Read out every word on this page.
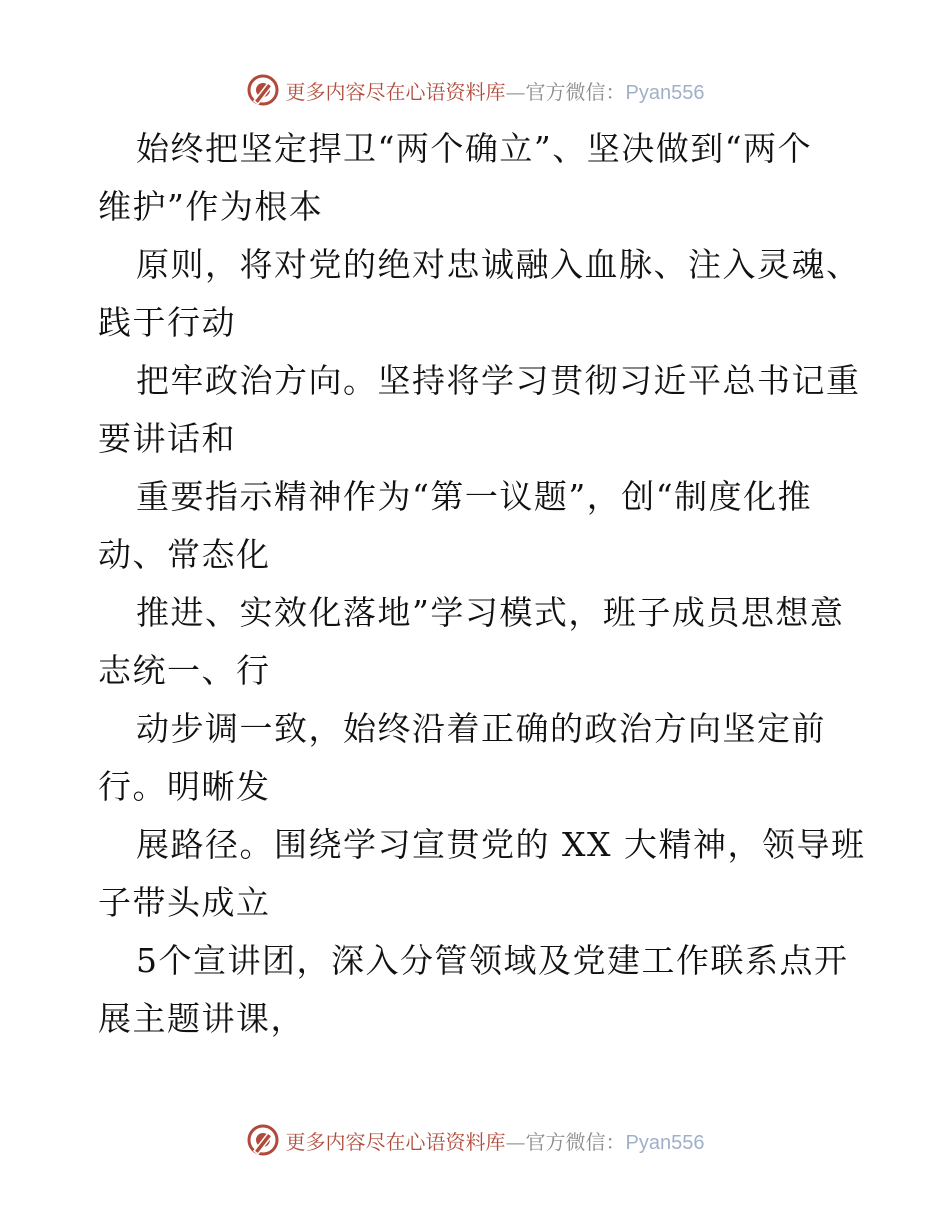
更多内容尽在心语资料库—官方微信：Pyan556
始终把坚定捍卫“两个确立”、坚决做到“两个
维护”作为根本
原则，将对党的绝对忠诚融入血脉、注入灵魂、
践于行动
把牢政治方向。坚持将学习贯彻习近平总书记重
要讲话和
重要指示精神作为“第一议题”，创“制度化推
动、常态化
推进、实效化落地”学习模式，班子成员思想意
志统一、行
动步调一致，始终沿着正确的政治方向坚定前
行。明晰发
展路径。围绕学习宣贯党的 XX 大精神，领导班
子带头成立
5个宣讲团，深入分管领域及党建工作联系点开
展主题讲课，
更多内容尽在心语资料库—官方微信：Pyan556
